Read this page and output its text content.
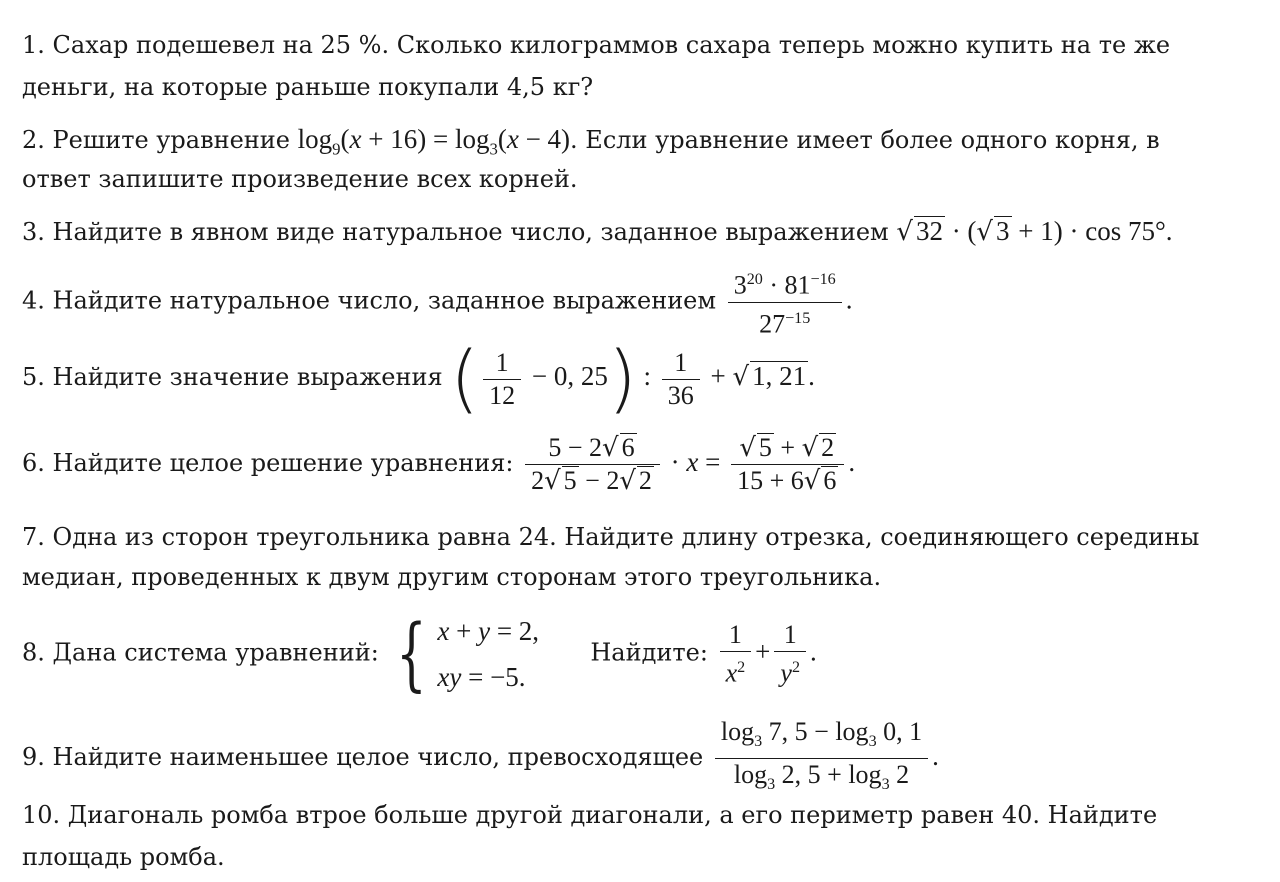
1. Сахар подешевел на 25 %. Сколько килограммов сахара теперь можно купить на те же
деньги, на которые раньше покупали 4,5 кг?
2. Решите уравнение $\log_9(x + 16) = \log_3(x - 4)$. Если уравнение имеет более одного корня, в
ответ запишите произведение всех корней.
3. Найдите в явном виде натуральное число, заданное выражением √ 32 · (√ 3 + 1) · cos 75°.
4. Найдите натуральное число, заданное выражением $\frac{3^{20} \cdot 81^{-16}}{27^{-15}}$ .
5. Найдите значение выражения ( $\frac{1}{12} - 0$, 25) : $\frac{1}{36}$ + √ 1, 21.
6. Найдите целое решение уравнения: $\frac{5 - 2√ 6}{2√ 5 - 2√ 2} \cdot x = \frac{√ 5 + √ 2}{15 + 6√ 6}$ .
7. Одна из сторон треугольника равна 24. Найдите длину отрезка, соединяющего середины
медиан, проведенных к двум другим сторонам этого треугольника.
8. Дана система уравнений: { x + y = 2,
xy = −5.
Найдите: $\frac{1}{x^2} + \frac{1}{y^2}$ .
9. Найдите наименьшее целое число, превосходящее $\frac{\log_3 7, 5 - \log_3 0, 1}{\log_3 2, 5 + \log_3 2}$ .
10. Диагональ ромба втрое больше другой диагонали, а его периметр равен 40. Найдите
площадь ромба.
